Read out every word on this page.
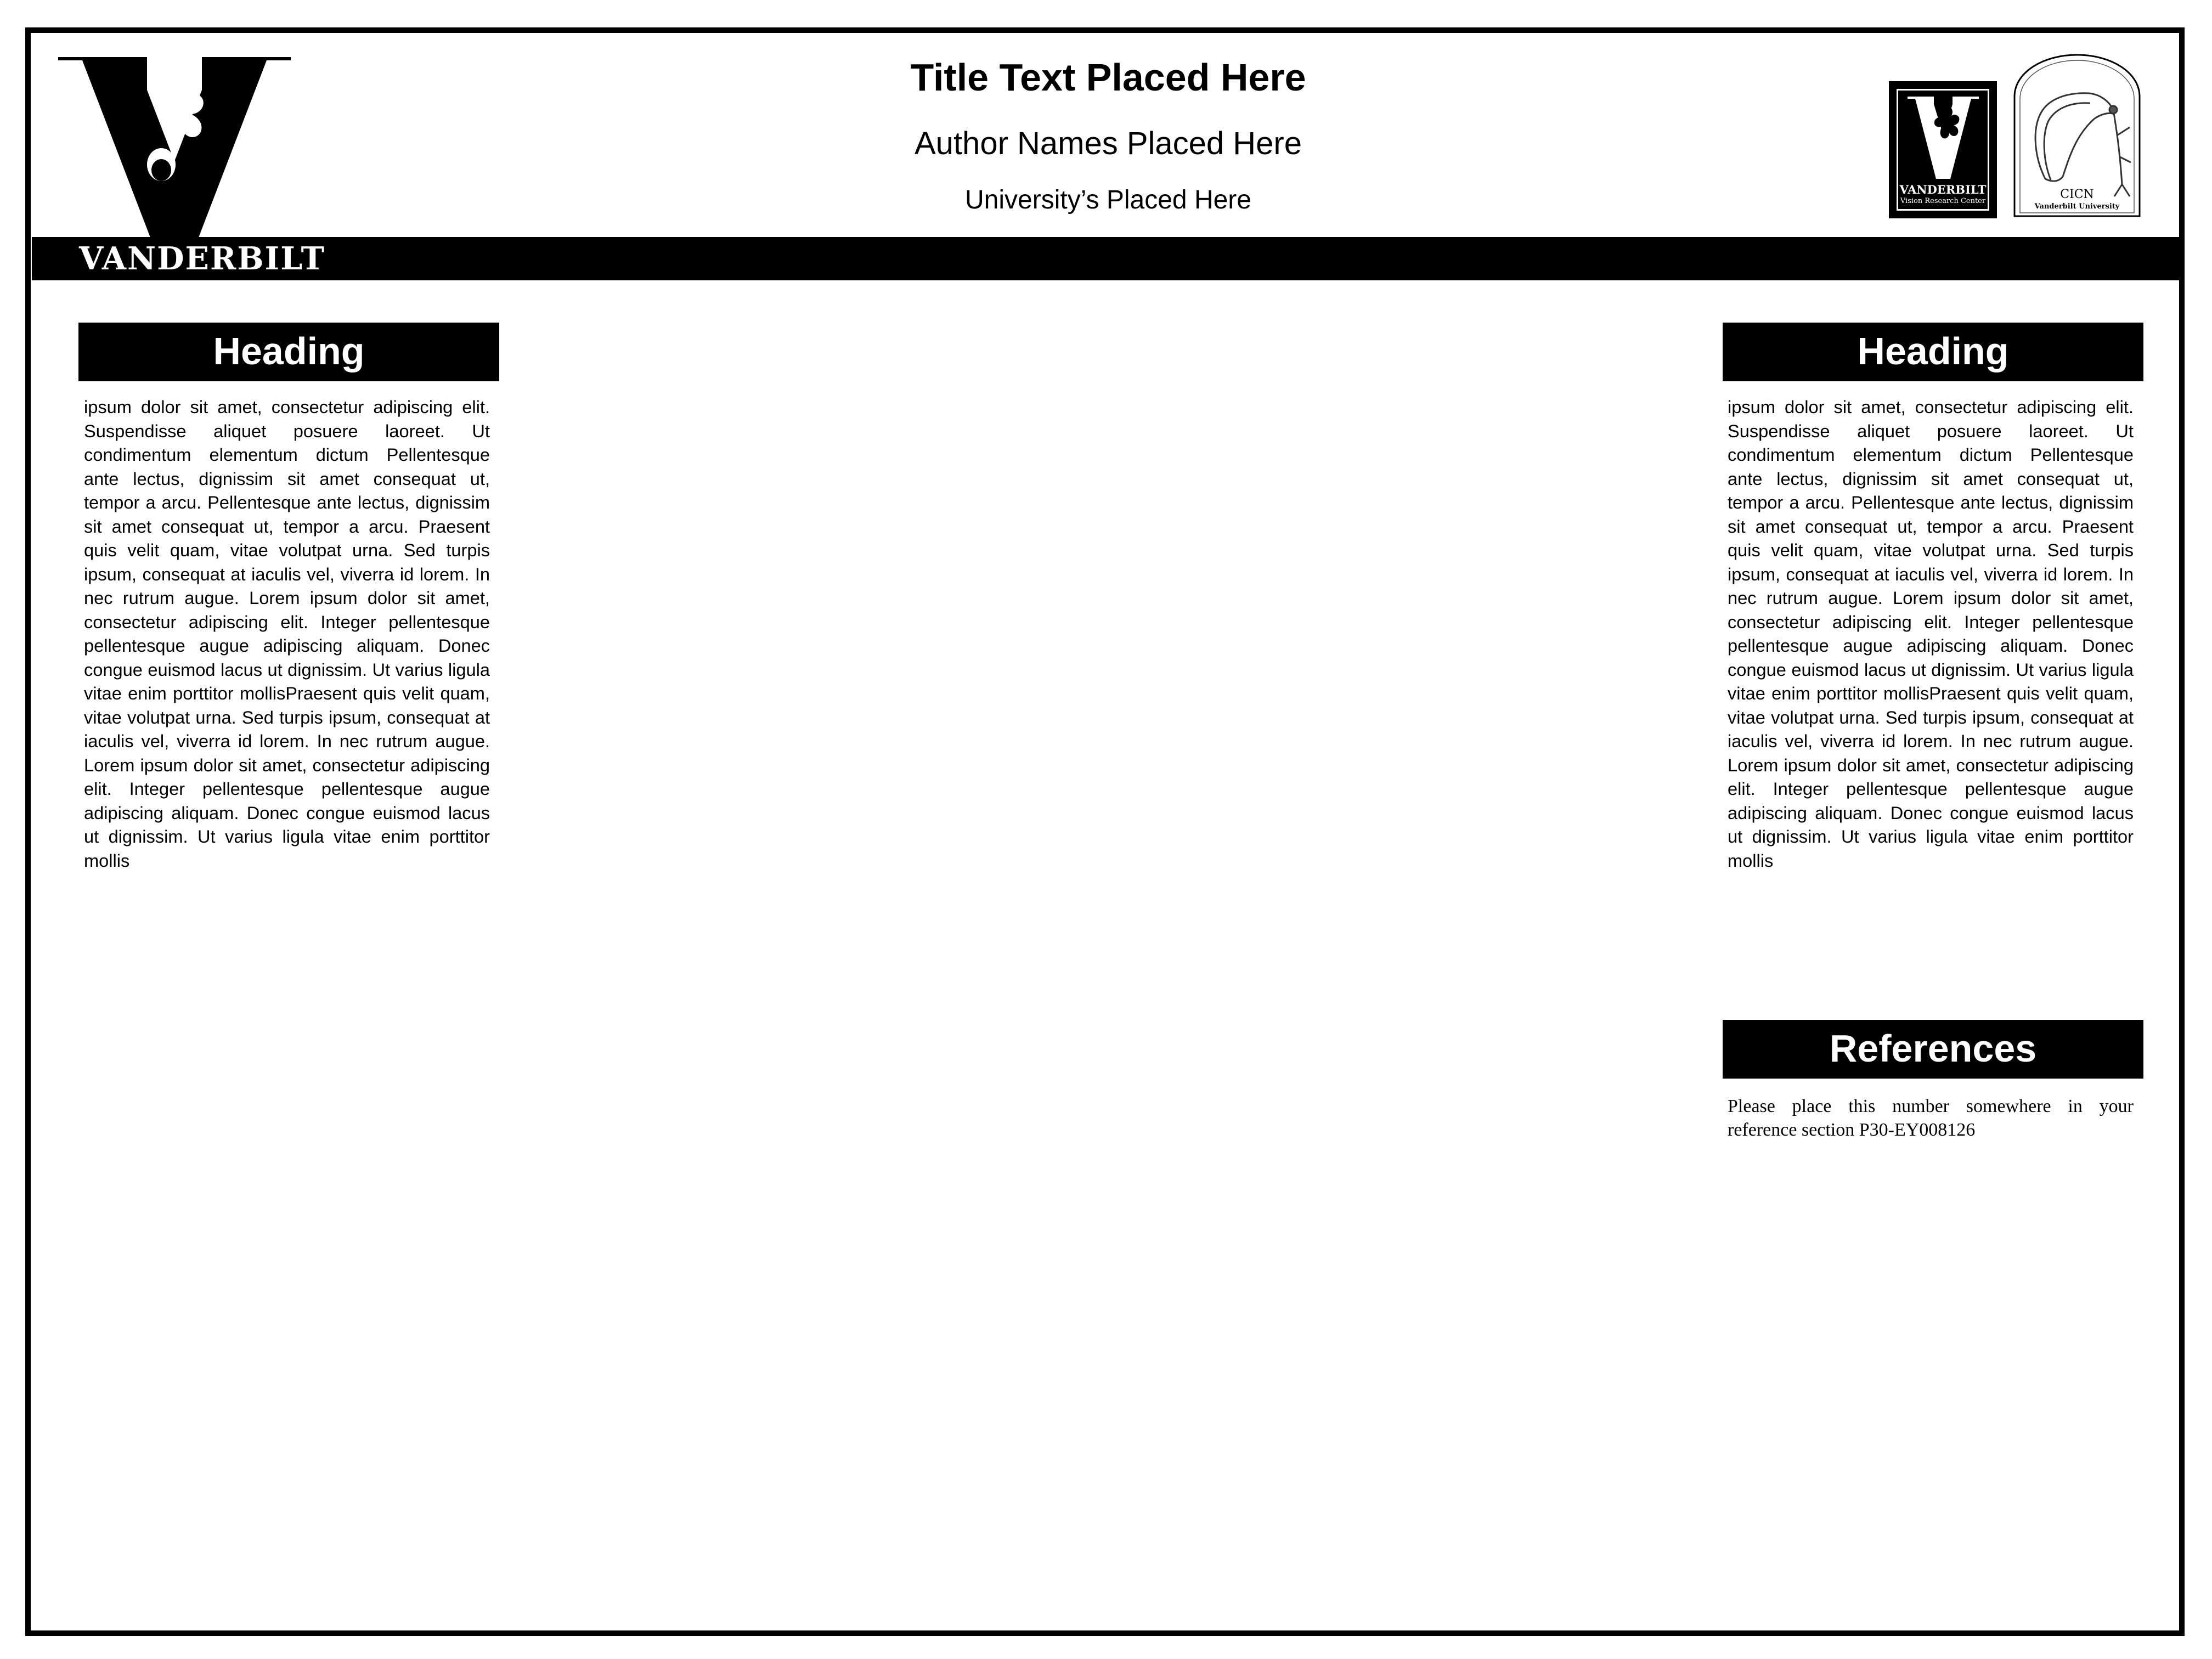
VANDERBILT
Title Text Placed Here
Author Names Placed Here
University’s Placed Here	VANDERBILT
Vision Research Center	CICN
Vanderbilt University
Heading

ipsum dolor sit amet, consectetur adipiscing elit. Suspendisse aliquet posuere laoreet. Ut condimentum elementum dictum Pellentesque ante lectus, dignissim sit amet consequat ut, tempor a arcu. Pellentesque ante lectus, dignissim sit amet consequat ut, tempor a arcu. Praesent quis velit quam, vitae volutpat urna. Sed turpis ipsum, consequat at iaculis vel, viverra id lorem. In nec rutrum augue. Lorem ipsum dolor sit amet, consectetur adipiscing elit. Integer pellentesque pellentesque augue adipiscing aliquam. Donec congue euismod lacus ut dignissim. Ut varius ligula vitae enim porttitor mollisPraesent quis velit quam, vitae volutpat urna. Sed turpis ipsum, consequat at iaculis vel, viverra id lorem. In nec rutrum augue. Lorem ipsum dolor sit amet, consectetur adipiscing elit. Integer pellentesque pellentesque augue adipiscing aliquam. Donec congue euismod lacus ut dignissim. Ut varius ligula vitae enim porttitor mollis

Heading

ipsum dolor sit amet, consectetur adipiscing elit. Suspendisse aliquet posuere laoreet. Ut condimentum elementum dictum Pellentesque ante lectus, dignissim sit amet consequat ut, tempor a arcu. Pellentesque ante lectus, dignissim sit amet consequat ut, tempor a arcu. Praesent quis velit quam, vitae volutpat urna. Sed turpis ipsum, consequat at iaculis vel, viverra id lorem. In nec rutrum augue. Lorem ipsum dolor sit amet, consectetur adipiscing elit. Integer pellentesque pellentesque augue adipiscing aliquam. Donec congue euismod lacus ut dignissim. Ut varius ligula vitae enim porttitor mollisPraesent quis velit quam, vitae volutpat urna. Sed turpis ipsum, consequat at iaculis vel, viverra id lorem. In nec rutrum augue. Lorem ipsum dolor sit amet, consectetur adipiscing elit. Integer pellentesque pellentesque augue adipiscing aliquam. Donec congue euismod lacus ut dignissim. Ut varius ligula vitae enim porttitor mollis

References

Please place this number somewhere in your reference section P30-EY008126
